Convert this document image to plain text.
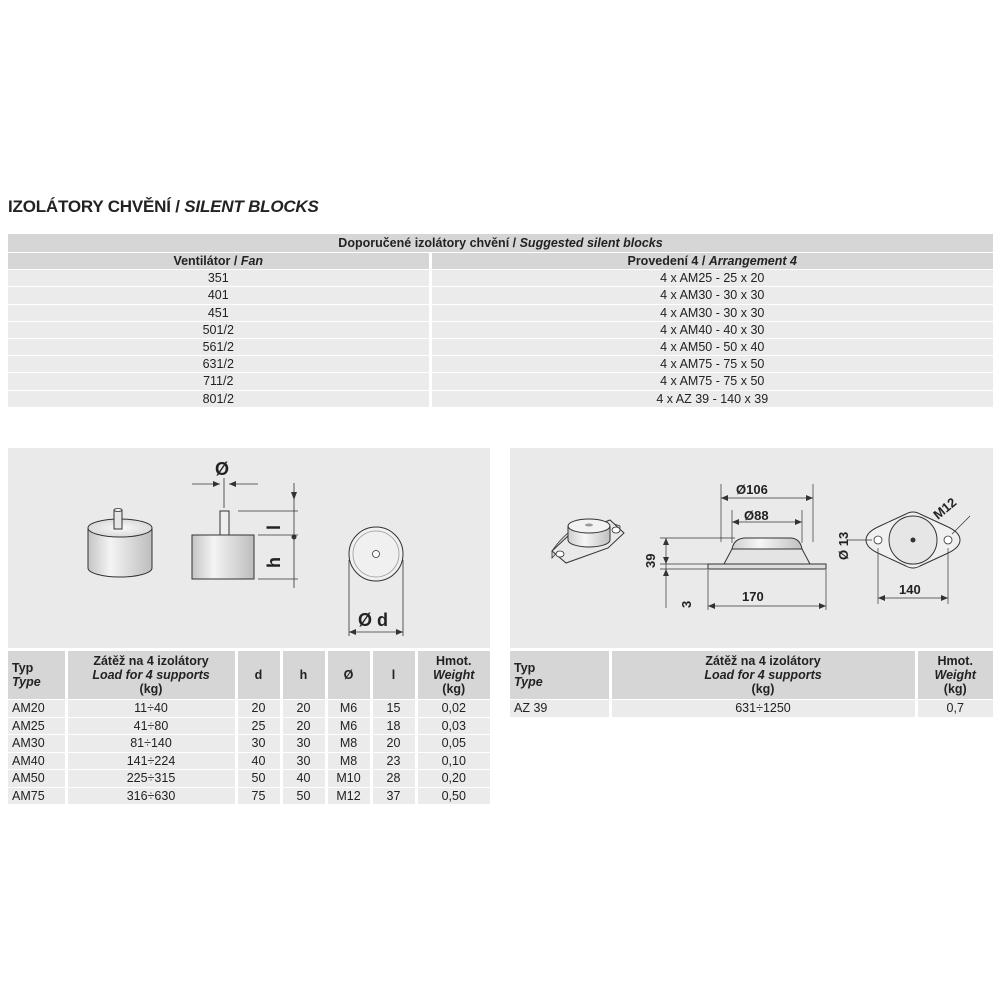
IZOLÁTORY CHVĚNÍ / SILENT BLOCKS
Doporučené izolátory chvění / Suggested silent blocks	
Ventilátor / Fan	Provedení 4 / Arrangement 4
351	4 x AM25 - 25 x 20
401	4 x AM30 - 30 x 30
451	4 x AM30 - 30 x 30
501/2	4 x AM40 - 40 x 30
561/2	4 x AM50 - 50 x 40
631/2	4 x AM75 - 75 x 50
711/2	4 x AM75 - 75 x 50
801/2	4 x AZ 39 - 140 x 39
Ø
l
h
Ø d
Ø106
Ø88
39
3
170
Ø 13
M12
140
Typ
Type	Zátěž na 4 izolátory
Load for 4 supports
(kg)	d	h	Ø	l	Hmot.
Weight
(kg)

AM20	11÷40	20	20	M6	15	0,02
AM25	41÷80	25	20	M6	18	0,03
AM30	81÷140	30	30	M8	20	0,05
AM40	141÷224	40	30	M8	23	0,10
AM50	225÷315	50	40	M10	28	0,20
AM75	316÷630	75	50	M12	37	0,50
Typ
Type	Zátěž na 4 izolátory
Load for 4 supports
(kg)	Hmot.
Weight
(kg)

AZ 39	631÷1250	0,7
